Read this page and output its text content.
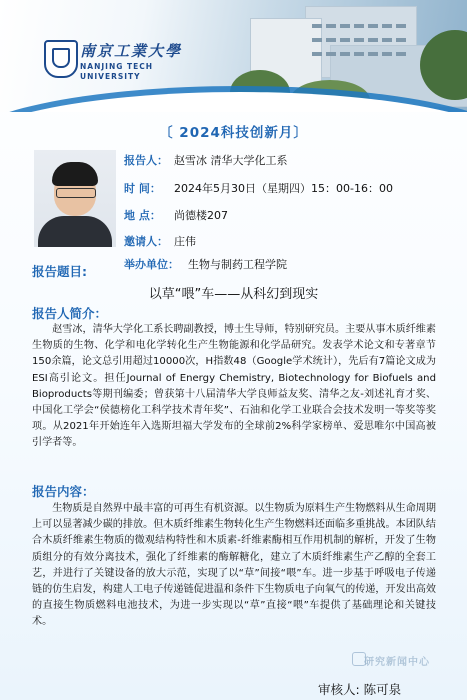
南京工業大學
NANJING TECH
UNIVERSITY
〔 2024科技创新月〕
报告人： 赵雪冰 清华大学化工系
时 间： 2024年5月30日（星期四）15：00-16：00
地 点： 尚德楼207
邀请人： 庄伟
举办单位： 生物与制药工程学院
报告题目:
以草“喂”车——从科幻到现实
报告人简介：

赵雪冰，清华大学化工系长聘副教授，博士生导师，特别研究员。主要从事木质纤维素生物质的生物、化学和电化学转化生产生物能源和化学品研究。发表学术论文和专著章节150余篇，论文总引用超过10000次，H指数48（Google学术统计），先后有7篇论文成为ESI高引论文。担任Journal of Energy Chemistry, Biotechnology for Biofuels and Bioproducts等期刊编委；曾获第十八届清华大学良师益友奖、清华之友-刘述礼育才奖、中国化工学会“侯德榜化工科学技术青年奖”、石油和化学工业联合会技术发明一等奖等奖项。从2021年开始连年入选斯坦福大学发布的全球前2%科学家榜单、爱思唯尔中国高被引学者等。

报告内容：

生物质是自然界中最丰富的可再生有机资源。以生物质为原料生产生物燃料从生命周期上可以显著减少碳的排放。但木质纤维素生物转化生产生物燃料还面临多重挑战。本团队结合木质纤维素生物质的微观结构特性和木质素-纤维素酶相互作用机制的解析，开发了生物质组分的有效分离技术，强化了纤维素的酶解糖化，建立了木质纤维素生产乙醇的全套工艺，并进行了关键设备的放大示范，实现了以“草”间接“喂”车。进一步基于呼吸电子传递链的仿生启发，构建人工电子传递链促进温和条件下生物质电子向氧气的传递，开发出高效的直接生物质燃料电池技术，为进一步实现以“草”直接“喂”车提供了基础理论和关键技术。

研究新闻中心
审核人: 陈可泉
